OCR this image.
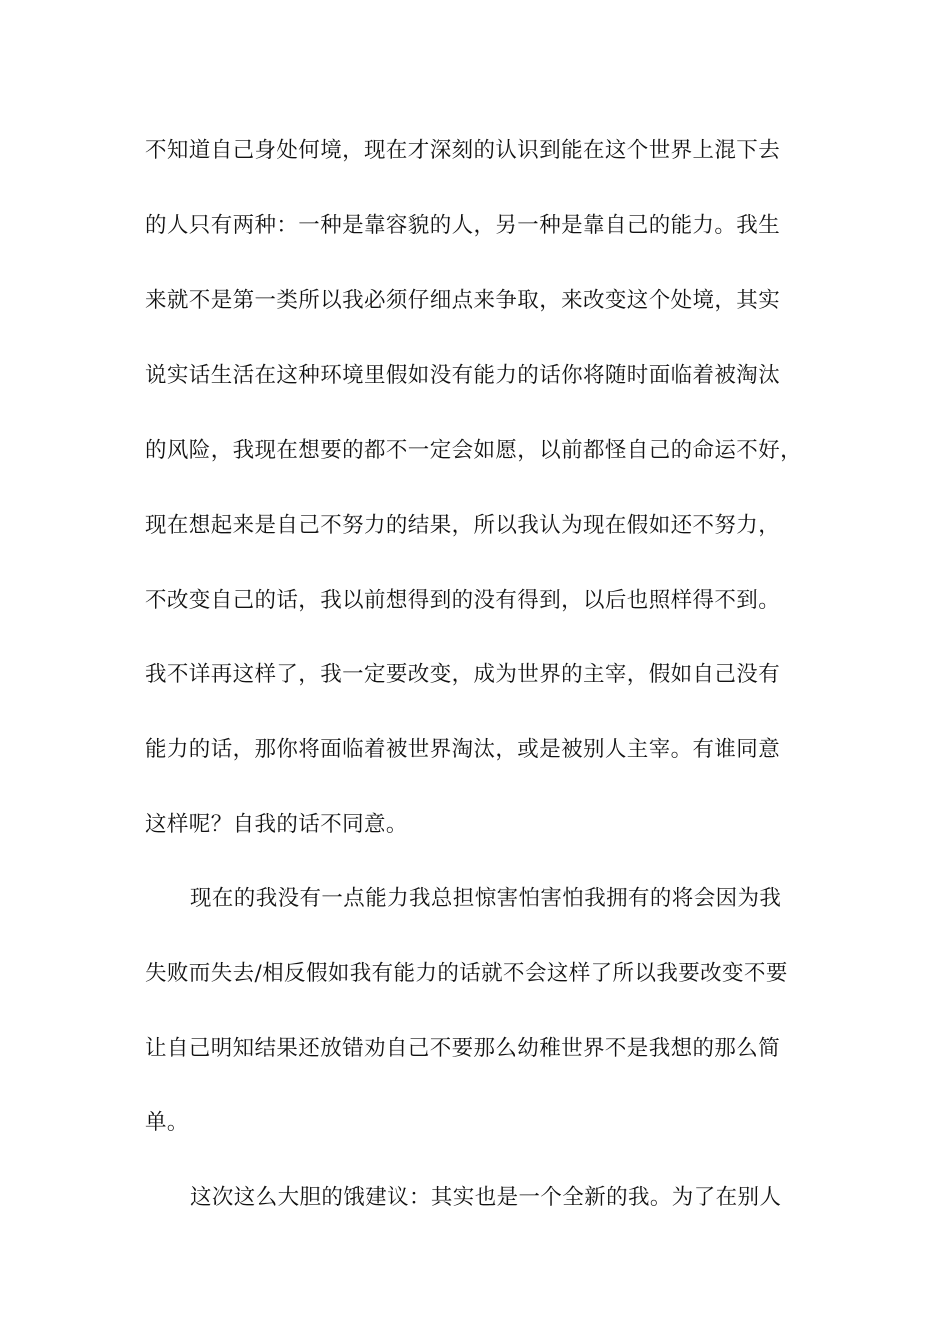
不知道自己身处何境，现在才深刻的认识到能在这个世界上混下去
的人只有两种：一种是靠容貌的人，另一种是靠自己的能力。我生
来就不是第一类所以我必须仔细点来争取，来改变这个处境，其实
说实话生活在这种环境里假如没有能力的话你将随时面临着被淘汰
的风险，我现在想要的都不一定会如愿，以前都怪自己的命运不好，
现在想起来是自己不努力的结果，所以我认为现在假如还不努力，
不改变自己的话，我以前想得到的没有得到，以后也照样得不到。
我不详再这样了，我一定要改变，成为世界的主宰，假如自己没有
能力的话，那你将面临着被世界淘汰，或是被别人主宰。有谁同意
这样呢？自我的话不同意。
现在的我没有一点能力我总担惊害怕害怕我拥有的将会因为我
失败而失去/相反假如我有能力的话就不会这样了所以我要改变不要
让自己明知结果还放错劝自己不要那么幼稚世界不是我想的那么简
单。
这次这么大胆的饿建议：其实也是一个全新的我。为了在别人
